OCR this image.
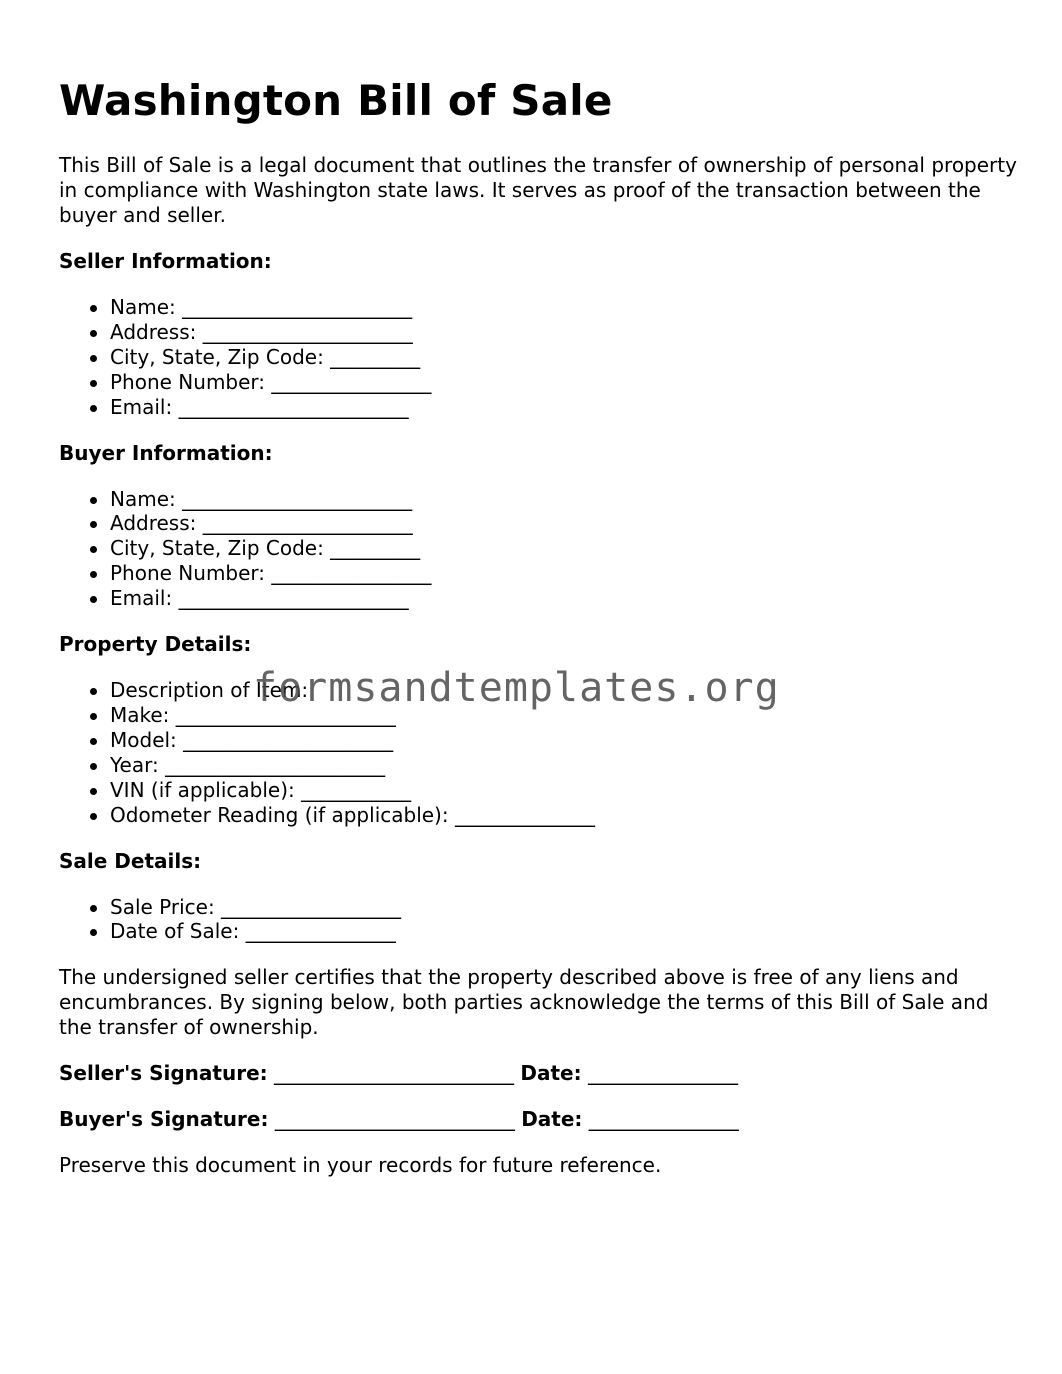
Washington Bill of Sale

This Bill of Sale is a legal document that outlines the transfer of ownership of personal property in compliance with Washington state laws. It serves as proof of the transaction between the buyer and seller.

Seller Information:

Name: _______________________
Address: _____________________
City, State, Zip Code: _________
Phone Number: ________________
Email: _______________________

Buyer Information:

Name: _______________________
Address: _____________________
City, State, Zip Code: _________
Phone Number: ________________
Email: _______________________

Property Details:

Description of Item:
Make: ______________________
Model: _____________________
Year: ______________________
VIN (if applicable): ___________
Odometer Reading (if applicable): ______________

Sale Details:

Sale Price: __________________
Date of Sale: _______________

The undersigned seller certifies that the property described above is free of any liens and encumbrances. By signing below, both parties acknowledge the terms of this Bill of Sale and the transfer of ownership.

Seller's Signature: ________________________ Date: _______________

Buyer's Signature: ________________________ Date: _______________

Preserve this document in your records for future reference.

formsandtemplates.org
